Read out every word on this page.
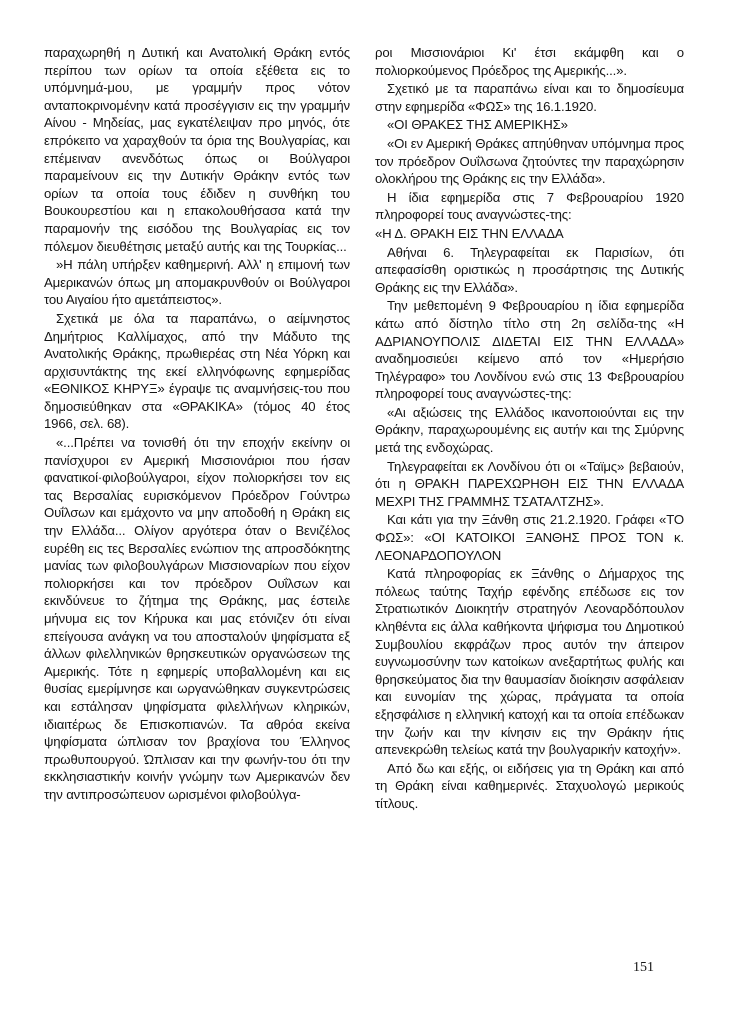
παραχωρηθή η Δυτική και Ανατολική Θράκη εντός περίπου των ορίων τα οποία εξέθετα εις το υπόμνημά-μου, με γραμμήν προς νότον ανταποκρινομένην κατά προσέγγισιν εις την γραμμήν Αίνου - Μηδείας, μας εγκατέλειψαν προ μηνός, ότε επρόκειτο να χαραχθούν τα όρια της Βουλγαρίας, και επέμειναν ανενδότως όπως οι Βούλγαροι παραμείνουν εις την Δυτικήν Θράκην εντός των ορίων τα οποία τους έδιδεν η συνθήκη του Βουκουρεστίου και η επακολουθήσασα κατά την παραμονήν της εισόδου της Βουλγαρίας εις τον πόλεμον διευθέτησις μεταξύ αυτής και της Τουρκίας...

»Η πάλη υπήρξεν καθημερινή. Αλλ' η επιμονή των Αμερικανών όπως μη απομακρυνθούν οι Βούλγαροι του Αιγαίου ήτο αμετάπειστος».

Σχετικά με όλα τα παραπάνω, ο αείμνηστος Δημήτριος Καλλίμαχος, από την Μάδυτο της Ανατολικής Θράκης, πρωθιερέας στη Νέα Υόρκη και αρχισυντάκτης της εκεί ελληνόφωνης εφημερίδας «ΕΘΝΙΚΟΣ ΚΗΡΥΞ» έγραψε τις αναμνήσεις-του που δημοσιεύθηκαν στα «ΘΡΑΚΙΚΑ» (τόμος 40 έτος 1966, σελ. 68).

«...Πρέπει να τονισθή ότι την εποχήν εκείνην οι πανίσχυροι εν Αμερική Μισσιονάριοι που ήσαν φανατικοί·φιλοβούλγαροι, είχον πολιορκήσει τον εις τας Βερσαλίας ευρισκόμενον Πρόεδρον Γούντρω Ουΐλσων και εμάχοντο να μην αποδοθή η Θράκη εις την Ελλάδα... Ολίγον αργότερα όταν ο Βενιζέλος ευρέθη εις τες Βερσαλίες ενώπιον της απροσδόκητης μανίας των φιλοβουλγάρων Μισσιοναρίων που είχον πολιορκήσει και τον πρόεδρον Ουΐλσων και εκινδύνευε το ζήτημα της Θράκης, μας έστειλε μήνυμα εις τον Κήρυκα και μας ετόνιζεν ότι είναι επείγουσα ανάγκη να του αποσταλούν ψηφίσματα εξ άλλων φιλελληνικών θρησκευτικών οργανώσεων της Αμερικής. Τότε η εφημερίς υποβαλλομένη και εις θυσίας εμερίμνησε και ωργανώθηκαν συγκεντρώσεις και εστάλησαν ψηφίσματα φιλελλήνων κληρικών, ιδιαιτέρως δε Επισκοπιανών. Τα αθρόα εκείνα ψηφίσματα ώπλισαν τον βραχίονα του Έλληνος πρωθυπουργού. Ώπλισαν και την φωνήν-του ότι την εκκλησιαστικήν κοινήν γνώμην των Αμερικανών δεν την αντιπροσώπευον ωρισμένοι φιλοβούλγα-

ροι Μισσιονάριοι Κι' έτσι εκάμφθη και ο πολιορκούμενος Πρόεδρος της Αμερικής...».

Σχετικό με τα παραπάνω είναι και το δημοσίευμα στην εφημερίδα «ΦΩΣ» της 16.1.1920.

«ΟΙ ΘΡΑΚΕΣ ΤΗΣ ΑΜΕΡΙΚΗΣ»

«Οι εν Αμερική Θράκες απηύθηναν υπόμνημα προς τον πρόεδρον Ουΐλσωνα ζητούντες την παραχώρησιν ολοκλήρου της Θράκης εις την Ελλάδα».

Η ίδια εφημερίδα στις 7 Φεβρουαρίου 1920 πληροφορεί τους αναγνώστες-της:

«Η Δ. ΘΡΑΚΗ ΕΙΣ ΤΗΝ ΕΛΛΑΔΑ

Αθήναι 6. Τηλεγραφείται εκ Παρισίων, ότι απεφασίσθη οριστικώς η προσάρτησις της Δυτικής Θράκης εις την Ελλάδα».

Την μεθεπομένη 9 Φεβρουαρίου η ίδια εφημερίδα κάτω από δίστηλο τίτλο στη 2η σελίδα-της «Η ΑΔΡΙΑΝΟΥΠΟΛΙΣ ΔΙΔΕΤΑΙ ΕΙΣ ΤΗΝ ΕΛΛΑΔΑ» αναδημοσιεύει κείμενο από τον «Ημερήσιο Τηλέγραφο» του Λονδίνου ενώ στις 13 Φεβρουαρίου πληροφορεί τους αναγνώστες-της:

«Αι αξιώσεις της Ελλάδος ικανοποιούνται εις την Θράκην, παραχωρουμένης εις αυτήν και της Σμύρνης μετά της ενδοχώρας.

Τηλεγραφείται εκ Λονδίνου ότι οι «Ταϊμς» βεβαιούν, ότι η ΘΡΑΚΗ ΠΑΡΕΧΩΡΗΘΗ ΕΙΣ ΤΗΝ ΕΛΛΑΔΑ ΜΕΧΡΙ ΤΗΣ ΓΡΑΜΜΗΣ ΤΣΑΤΑΛΤΖΗΣ».

Και κάτι για την Ξάνθη στις 21.2.1920. Γράφει «ΤΟ ΦΩΣ»: «ΟΙ ΚΑΤΟΙΚΟΙ ΞΑΝΘΗΣ ΠΡΟΣ ΤΟΝ κ. ΛΕΟΝΑΡΔΟΠΟΥΛΟΝ

Κατά πληροφορίας εκ Ξάνθης ο Δήμαρχος της πόλεως ταύτης Ταχήρ εφένδης επέδωσε εις τον Στρατιωτικόν Διοικητήν στρατηγόν Λεοναρδόπουλον κληθέντα εις άλλα καθήκοντα ψήφισμα του Δημοτικού Συμβουλίου εκφράζων προς αυτόν την άπειρον ευγνωμοσύνην των κατοίκων ανεξαρτήτως φυλής και θρησκεύματος δια την θαυμασίαν διοίκησιν ασφάλειαν και ευνομίαν της χώρας, πράγματα τα οποία εξησφάλισε η ελληνική κατοχή και τα οποία επέδωκαν την ζωήν και την κίνησιν εις την Θράκην ήτις απενεκρώθη τελείως κατά την βουλγαρικήν κατοχήν».

Από δω και εξής, οι ειδήσεις για τη Θράκη και από τη Θράκη είναι καθημερινές. Σταχυολογώ μερικούς τίτλους.

151
